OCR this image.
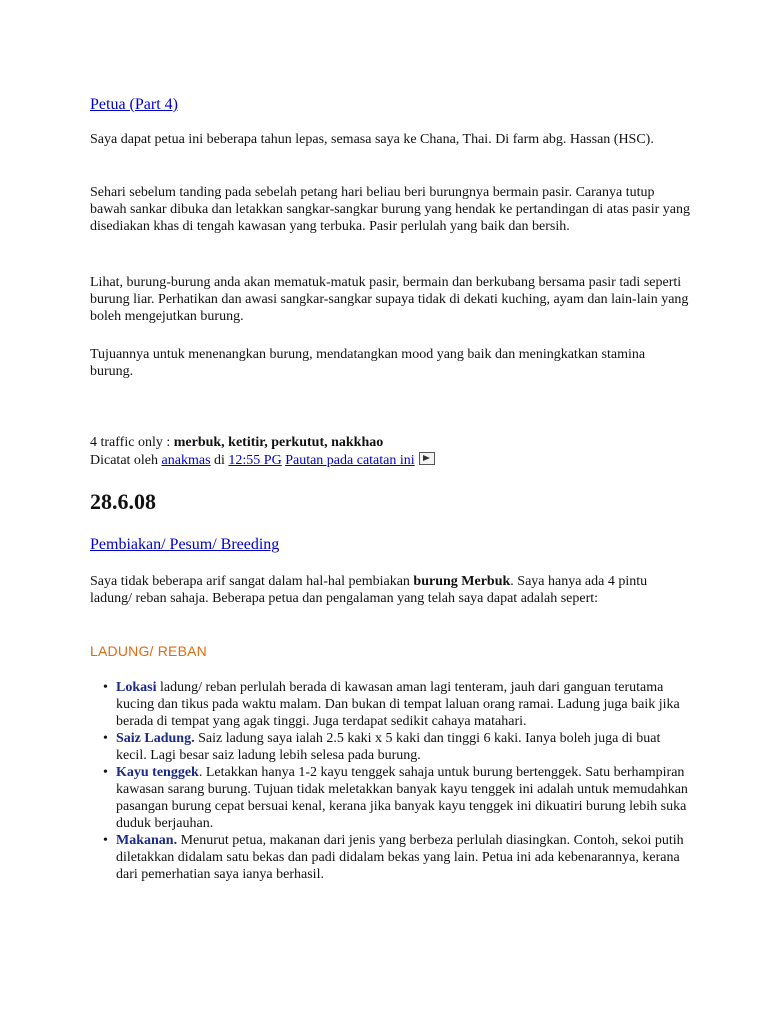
Petua (Part 4)

Saya dapat petua ini beberapa tahun lepas, semasa saya ke Chana, Thai. Di farm abg. Hassan (HSC).

Sehari sebelum tanding pada sebelah petang hari beliau beri burungnya bermain pasir. Caranya tutup bawah sankar dibuka dan letakkan sangkar-sangkar burung yang hendak ke pertandingan di atas pasir yang disediakan khas di tengah kawasan yang terbuka. Pasir perlulah yang baik dan bersih.

Lihat, burung-burung anda akan mematuk-matuk pasir, bermain dan berkubang bersama pasir tadi seperti burung liar. Perhatikan dan awasi sangkar-sangkar supaya tidak di dekati kuching, ayam dan lain-lain yang boleh mengejutkan burung.

Tujuannya untuk menenangkan burung, mendatangkan mood yang baik dan meningkatkan stamina burung.

4 traffic only : merbuk, ketitir, perkutut, nakkhao

Dicatat oleh anakmas di 12:55 PG Pautan pada catatan ini

28.6.08
Pembiakan/ Pesum/ Breeding

Saya tidak beberapa arif sangat dalam hal-hal pembiakan burung Merbuk. Saya hanya ada 4 pintu ladung/ reban sahaja. Beberapa petua dan pengalaman yang telah saya dapat adalah sepert:

LADUNG/ REBAN
• Lokasi ladung/ reban perlulah berada di kawasan aman lagi tenteram, jauh dari ganguan terutama kucing dan tikus pada waktu malam. Dan bukan di tempat laluan orang ramai. Ladung juga baik jika berada di tempat yang agak tinggi. Juga terdapat sedikit cahaya matahari.
• Saiz Ladung. Saiz ladung saya ialah 2.5 kaki x 5 kaki dan tinggi 6 kaki. Ianya boleh juga di buat kecil. Lagi besar saiz ladung lebih selesa pada burung.
• Kayu tenggek. Letakkan hanya 1-2 kayu tenggek sahaja untuk burung bertenggek. Satu berhampiran kawasan sarang burung. Tujuan tidak meletakkan banyak kayu tenggek ini adalah untuk memudahkan pasangan burung cepat bersuai kenal, kerana jika banyak kayu tenggek ini dikuatiri burung lebih suka duduk berjauhan.
• Makanan. Menurut petua, makanan dari jenis yang berbeza perlulah diasingkan. Contoh, sekoi putih diletakkan didalam satu bekas dan padi didalam bekas yang lain. Petua ini ada kebenarannya, kerana dari pemerhatian saya ianya berhasil.
